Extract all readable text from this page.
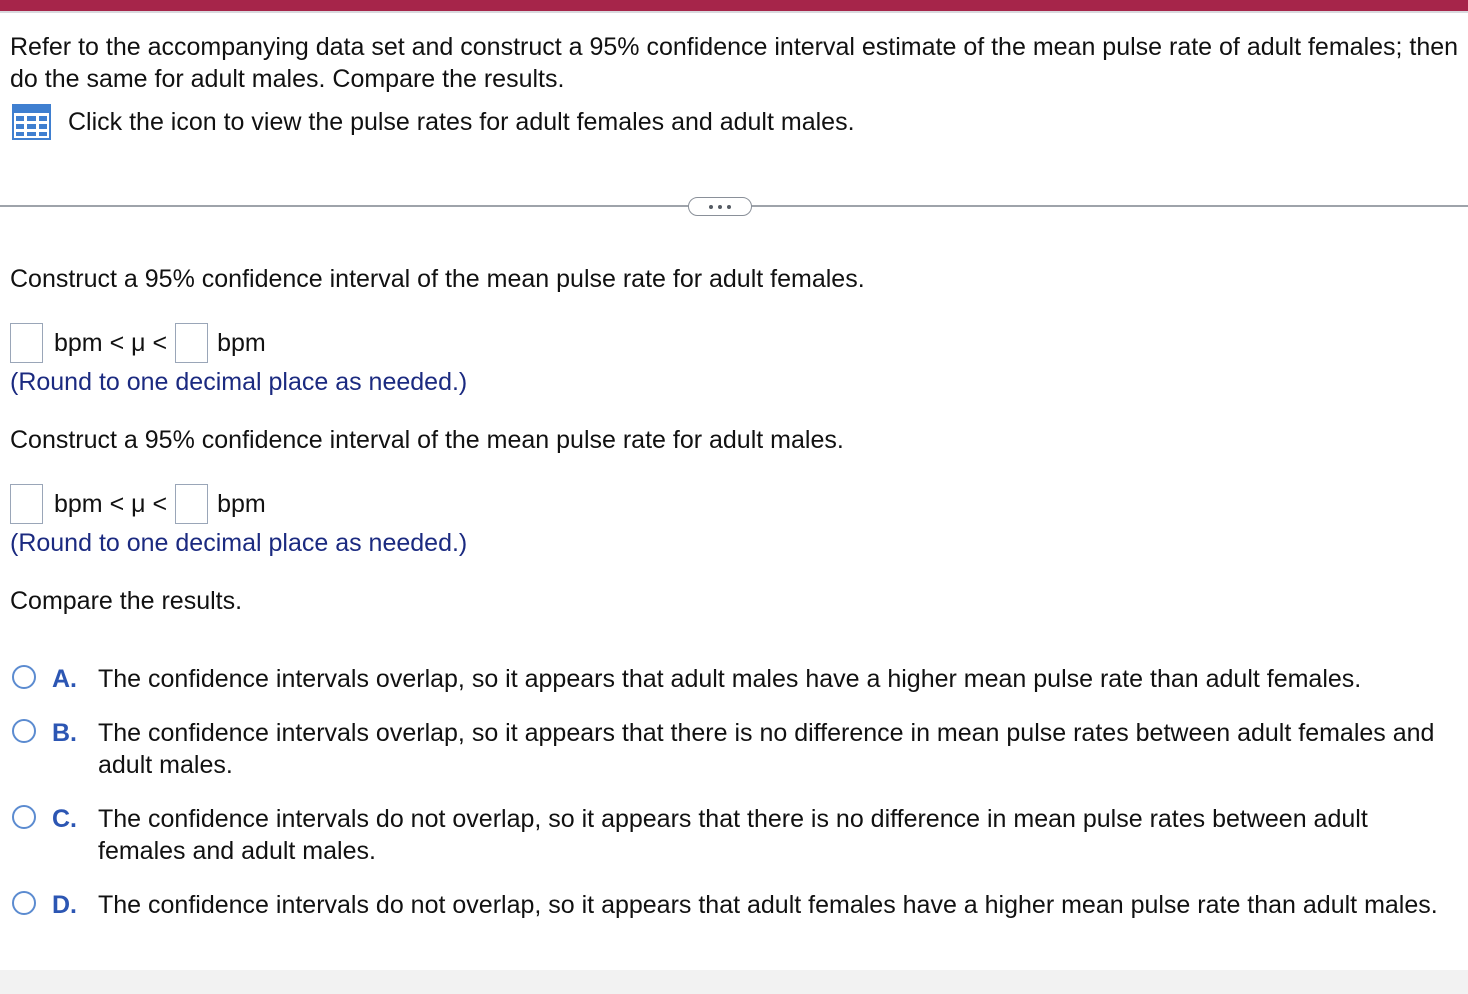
Refer to the accompanying data set and construct a 95% confidence interval estimate of the mean pulse rate of adult females; then do the same for adult males. Compare the results.
Click the icon to view the pulse rates for adult females and adult males.
Construct a 95% confidence interval of the mean pulse rate for adult females.
bpm < μ < bpm
(Round to one decimal place as needed.)
Construct a 95% confidence interval of the mean pulse rate for adult males.
bpm < μ < bpm
(Round to one decimal place as needed.)
Compare the results.
A. The confidence intervals overlap, so it appears that adult males have a higher mean pulse rate than adult females.
B. The confidence intervals overlap, so it appears that there is no difference in mean pulse rates between adult females and adult males.
C. The confidence intervals do not overlap, so it appears that there is no difference in mean pulse rates between adult females and adult males.
D. The confidence intervals do not overlap, so it appears that adult females have a higher mean pulse rate than adult males.
